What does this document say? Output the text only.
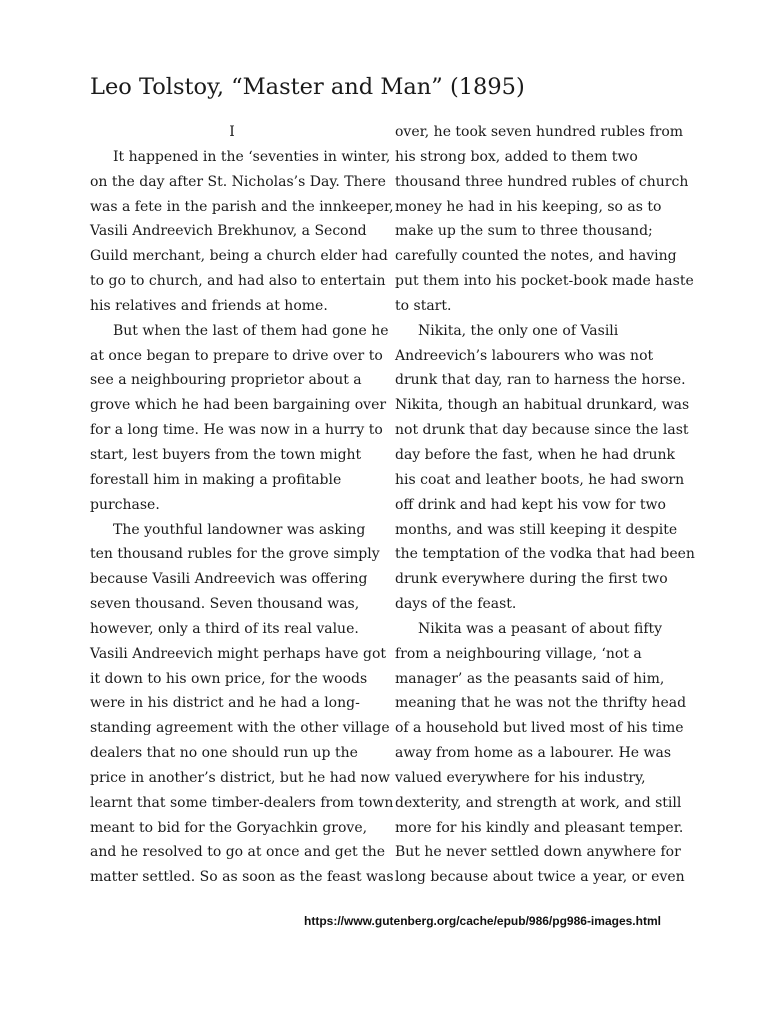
Leo Tolstoy, “Master and Man” (1895)

I

It happened in the ‘seventies in winter,
on the day after St. Nicholas’s Day. There
was a fete in the parish and the innkeeper,
Vasili Andreevich Brekhunov, a Second
Guild merchant, being a church elder had
to go to church, and had also to entertain
his relatives and friends at home.
But when the last of them had gone he
at once began to prepare to drive over to
see a neighbouring proprietor about a
grove which he had been bargaining over
for a long time. He was now in a hurry to
start, lest buyers from the town might
forestall him in making a profitable
purchase.
The youthful landowner was asking
ten thousand rubles for the grove simply
because Vasili Andreevich was offering
seven thousand. Seven thousand was,
however, only a third of its real value.
Vasili Andreevich might perhaps have got
it down to his own price, for the woods
were in his district and he had a long-
standing agreement with the other village
dealers that no one should run up the
price in another’s district, but he had now
learnt that some timber-dealers from town
meant to bid for the Goryachkin grove,
and he resolved to go at once and get the
matter settled. So as soon as the feast was
over, he took seven hundred rubles from
his strong box, added to them two
thousand three hundred rubles of church
money he had in his keeping, so as to
make up the sum to three thousand;
carefully counted the notes, and having
put them into his pocket-book made haste
to start.
Nikita, the only one of Vasili
Andreevich’s labourers who was not
drunk that day, ran to harness the horse.
Nikita, though an habitual drunkard, was
not drunk that day because since the last
day before the fast, when he had drunk
his coat and leather boots, he had sworn
off drink and had kept his vow for two
months, and was still keeping it despite
the temptation of the vodka that had been
drunk everywhere during the first two
days of the feast.
Nikita was a peasant of about fifty
from a neighbouring village, ‘not a
manager’ as the peasants said of him,
meaning that he was not the thrifty head
of a household but lived most of his time
away from home as a labourer. He was
valued everywhere for his industry,
dexterity, and strength at work, and still
more for his kindly and pleasant temper.
But he never settled down anywhere for
long because about twice a year, or even
https://www.gutenberg.org/cache/epub/986/pg986-images.html
